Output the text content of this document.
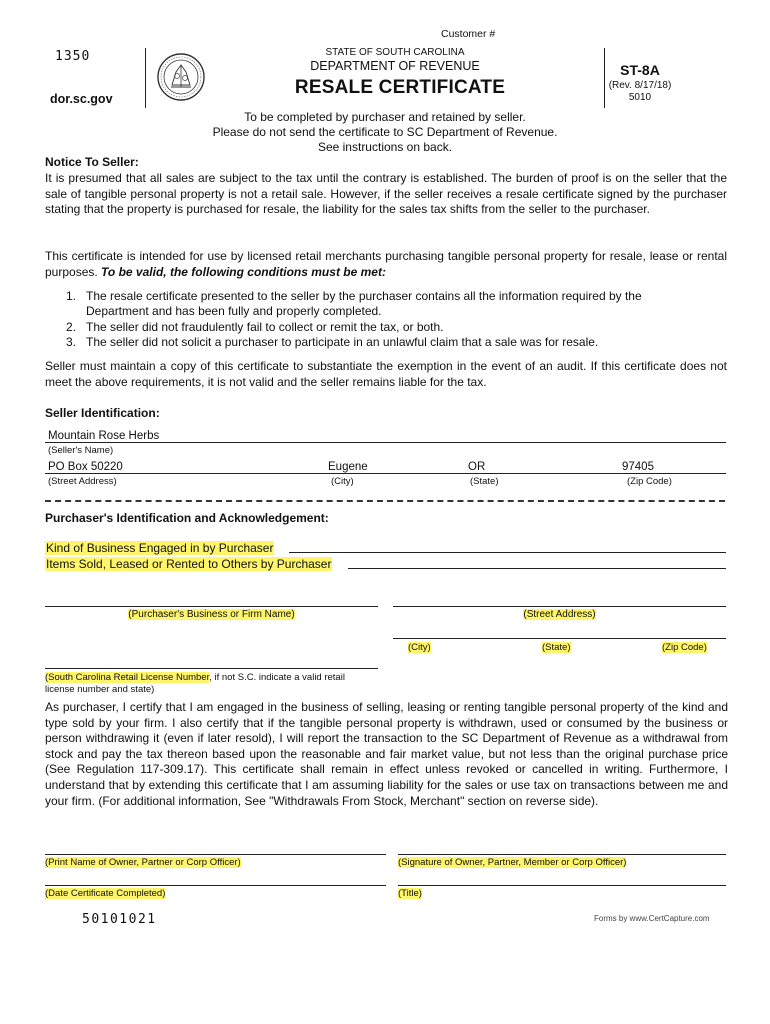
Customer #
1350
dor.sc.gov
STATE OF SOUTH CAROLINA
DEPARTMENT OF REVENUE
RESALE CERTIFICATE
ST-8A
(Rev. 8/17/18)
5010
To be completed by purchaser and retained by seller.
Please do not send the certificate to SC Department of Revenue.
See instructions on back.
Notice To Seller:

It is presumed that all sales are subject to the tax until the contrary is established. The burden of proof is on the seller that the sale of tangible personal property is not a retail sale. However, if the seller receives a resale certificate signed by the purchaser stating that the property is purchased for resale, the liability for the sales tax shifts from the seller to the purchaser.

This certificate is intended for use by licensed retail merchants purchasing tangible personal property for resale, lease or rental purposes. To be valid, the following conditions must be met:

1. The resale certificate presented to the seller by the purchaser contains all the information required by the Department and has been fully and properly completed.
2. The seller did not fraudulently fail to collect or remit the tax, or both.
3. The seller did not solicit a purchaser to participate in an unlawful claim that a sale was for resale.

Seller must maintain a copy of this certificate to substantiate the exemption in the event of an audit. If this certificate does not meet the above requirements, it is not valid and the seller remains liable for the tax.

Seller Identification:
Mountain Rose Herbs
(Seller's Name)
PO Box 50220	Eugene	OR	97405
(Street Address)	(City)	(State)	(Zip Code)
Purchaser's Identification and Acknowledgement:
Kind of Business Engaged in by Purchaser
Items Sold, Leased or Rented to Others by Purchaser
(Purchaser's Business or Firm Name)	(Street Address)
(City)	(State)	(Zip Code)
(South Carolina Retail License Number, if not S.C. indicate a valid retail
license number and state)

As purchaser, I certify that I am engaged in the business of selling, leasing or renting tangible personal property of the kind and type sold by your firm. I also certify that if the tangible personal property is withdrawn, used or consumed by the business or person withdrawing it (even if later resold), I will report the transaction to the SC Department of Revenue as a withdrawal from stock and pay the tax thereon based upon the reasonable and fair market value, but not less than the original purchase price (See Regulation 117-309.17). This certificate shall remain in effect unless revoked or cancelled in writing. Furthermore, I understand that by extending this certificate that I am assuming liability for the sales or use tax on transactions between me and your firm. (For additional information, See "Withdrawals From Stock, Merchant" section on reverse side).

(Print Name of Owner, Partner or Corp Officer)	(Signature of Owner, Partner, Member or Corp Officer)
(Date Certificate Completed)	(Title)
50101021	Forms by www.CertCapture.com
